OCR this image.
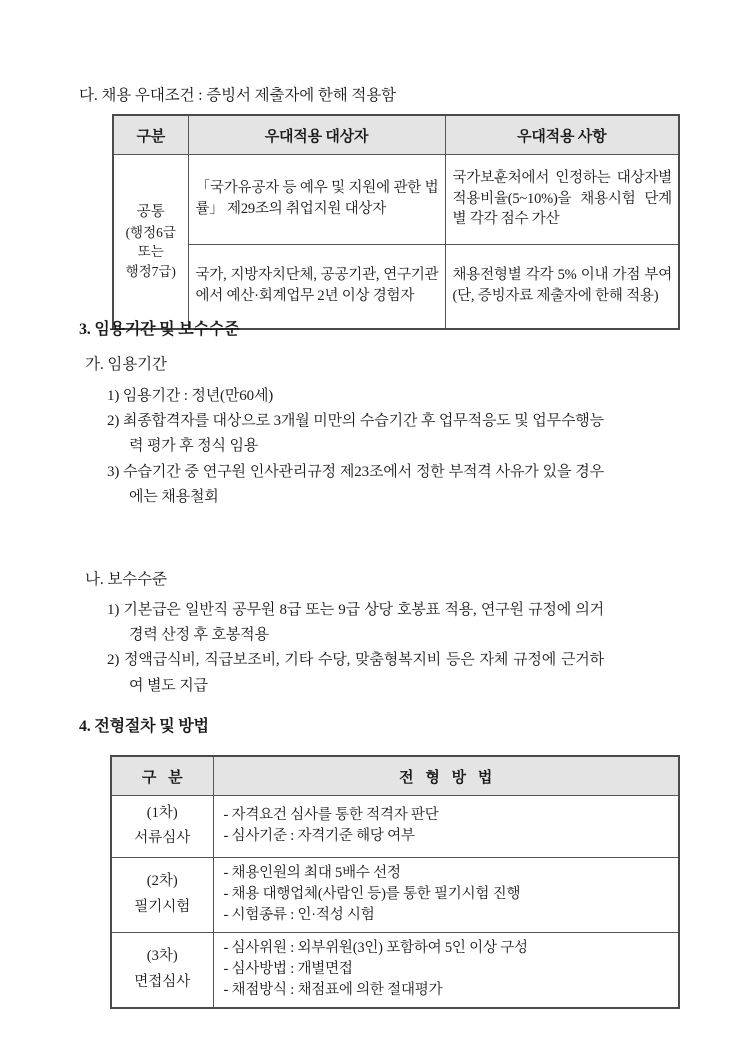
다. 채용 우대조건 : 증빙서 제출자에 한해 적용함

구분	우대적용 대상자	우대적용 사항

공통
(행정6급
또는
행정7급)	「국가유공자 등 예우 및 지원에 관한 법률」 제29조의 취업지원 대상자	국가보훈처에서 인정하는 대상자별 적용비율(5~10%)을 채용시험 단계별 각각 점수 가산
	국가, 지방자치단체, 공공기관, 연구기관에서 예산·회계업무 2년 이상 경험자	채용전형별 각각 5% 이내 가점 부여 (단, 증빙자료 제출자에 한해 적용)

3. 임용기간 및 보수수준

가. 임용기간

1) 임용기간 : 정년(만60세)

2) 최종합격자를 대상으로 3개월 미만의 수습기간 후 업무적응도 및 업무수행능력 평가 후 정식 임용

3) 수습기간 중 연구원 인사관리규정 제23조에서 정한 부적격 사유가 있을 경우에는 채용철회

나. 보수수준

1) 기본급은 일반직 공무원 8급 또는 9급 상당 호봉표 적용, 연구원 규정에 의거 경력 산정 후 호봉적용

2) 정액급식비, 직급보조비, 기타 수당, 맞춤형복지비 등은 자체 규정에 근거하여 별도 지급

4. 전형절차 및 방법

구 분	전 형 방 법

(1차)
서류심사	- 자격요건 심사를 통한 적격자 판단
- 심사기준 : 자격기준 해당 여부

(2차)
필기시험	- 채용인원의 최대 5배수 선정
- 채용 대행업체(사람인 등)를 통한 필기시험 진행
- 시험종류 : 인·적성 시험

(3차)
면접심사	- 심사위원 : 외부위원(3인) 포함하여 5인 이상 구성
- 심사방법 : 개별면접
- 채점방식 : 채점표에 의한 절대평가
